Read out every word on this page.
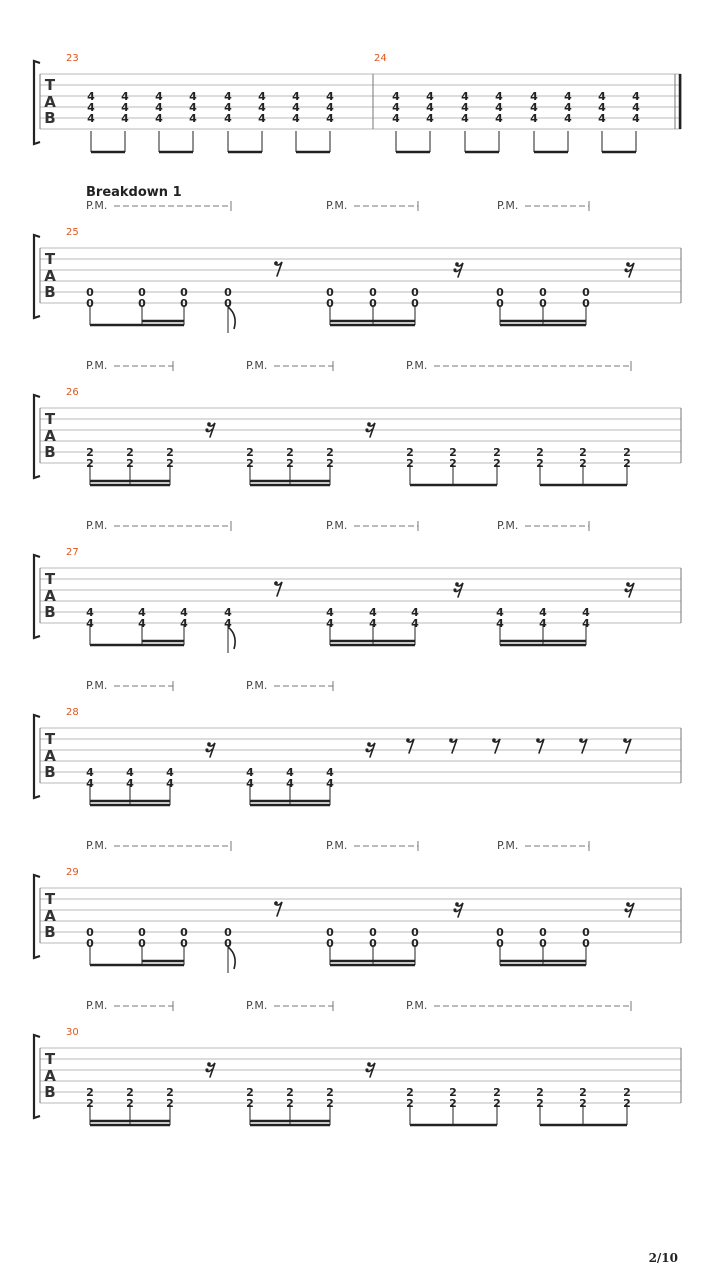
T
A
B
23	24
4
4
4
4
4
4
4
4
4
4
4
4
4
4
4
4
4
4
4
4
4
4
4
4
4
4
4
4
4
4
4
4
4
4
4
4
4
4
4
4
4
4
4
4
4
4
4
4
T
A
B
25
Breakdown 1
0
0
0
0
0
0
0
0
0
0
0
0
0
0
0
0
0
0
0
0
P.M.	P.M.	P.M.
T
A
B
26
2
2
2
2
2
2
2
2
2
2
2
2
2
2
2
2
2
2
2
2
2
2
2
2
P.M.	P.M.	P.M.
T
A
B
27
4
4
4
4
4
4
4
4
4
4
4
4
4
4
4
4
4
4
4
4
P.M.	P.M.	P.M.
T
A
B
28
4
4
4
4
4
4
4
4
4
4
4
4
P.M.	P.M.
T
A
B
29
0
0
0
0
0
0
0
0
0
0
0
0
0
0
0
0
0
0
0
0
P.M.	P.M.	P.M.
T
A
B
30
2
2
2
2
2
2
2
2
2
2
2
2
2
2
2
2
2
2
2
2
2
2
2
2
P.M.	P.M.	P.M.
2/10
